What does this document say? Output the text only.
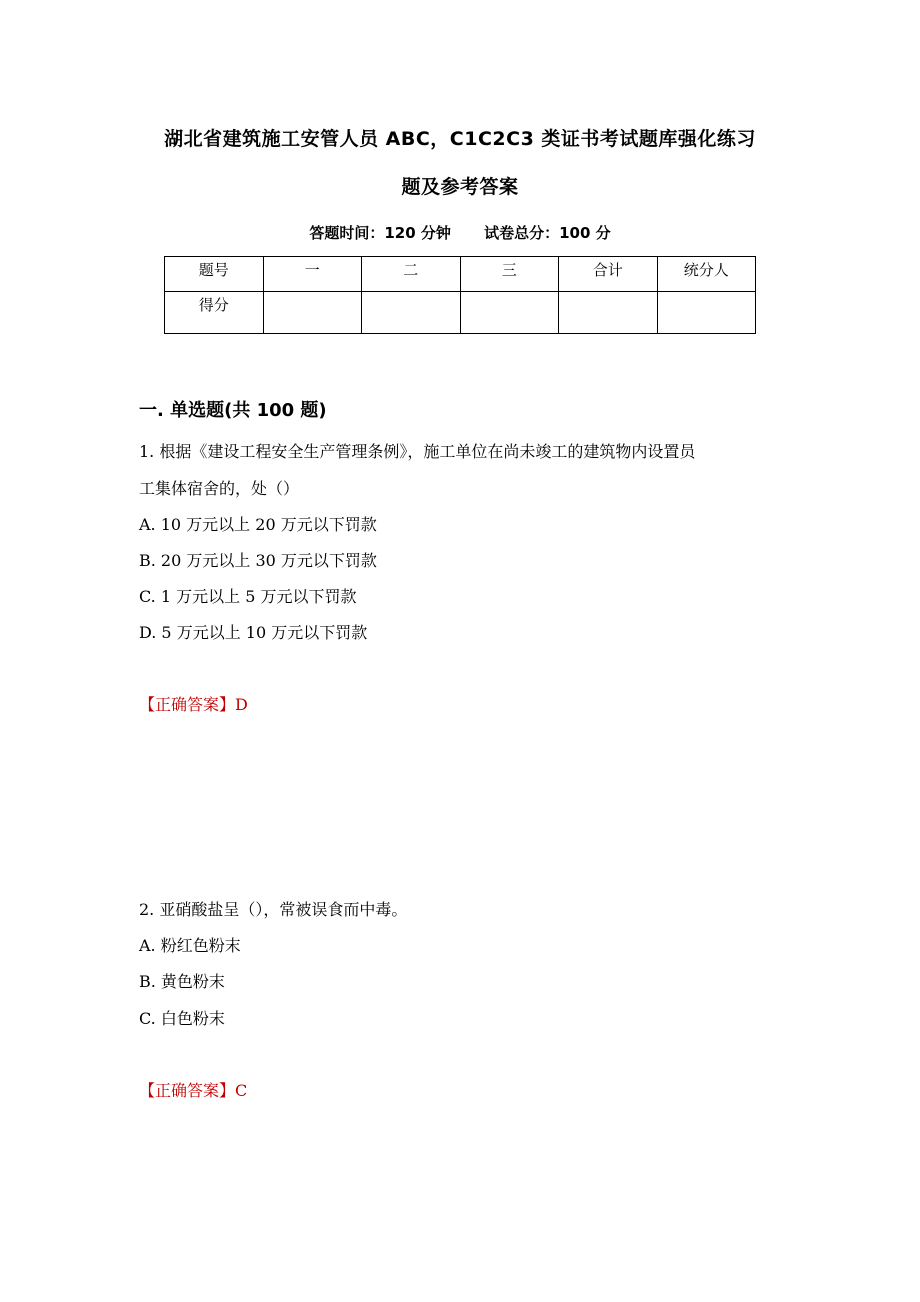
湖北省建筑施工安管人员 ABC，C1C2C3 类证书考试题库强化练习
题及参考答案
答题时间：120 分钟 试卷总分：100 分
题号	一	二	三	合计	统分人
得分					
一. 单选题(共 100 题)
1. 根据《建设工程安全生产管理条例》，施工单位在尚未竣工的建筑物内设置员
工集体宿舍的，处（）
A. 10 万元以上 20 万元以下罚款
B. 20 万元以上 30 万元以下罚款
C. 1 万元以上 5 万元以下罚款
D. 5 万元以上 10 万元以下罚款
【正确答案】D
2. 亚硝酸盐呈（），常被误食而中毒。
A. 粉红色粉末
B. 黄色粉末
C. 白色粉末
【正确答案】C
